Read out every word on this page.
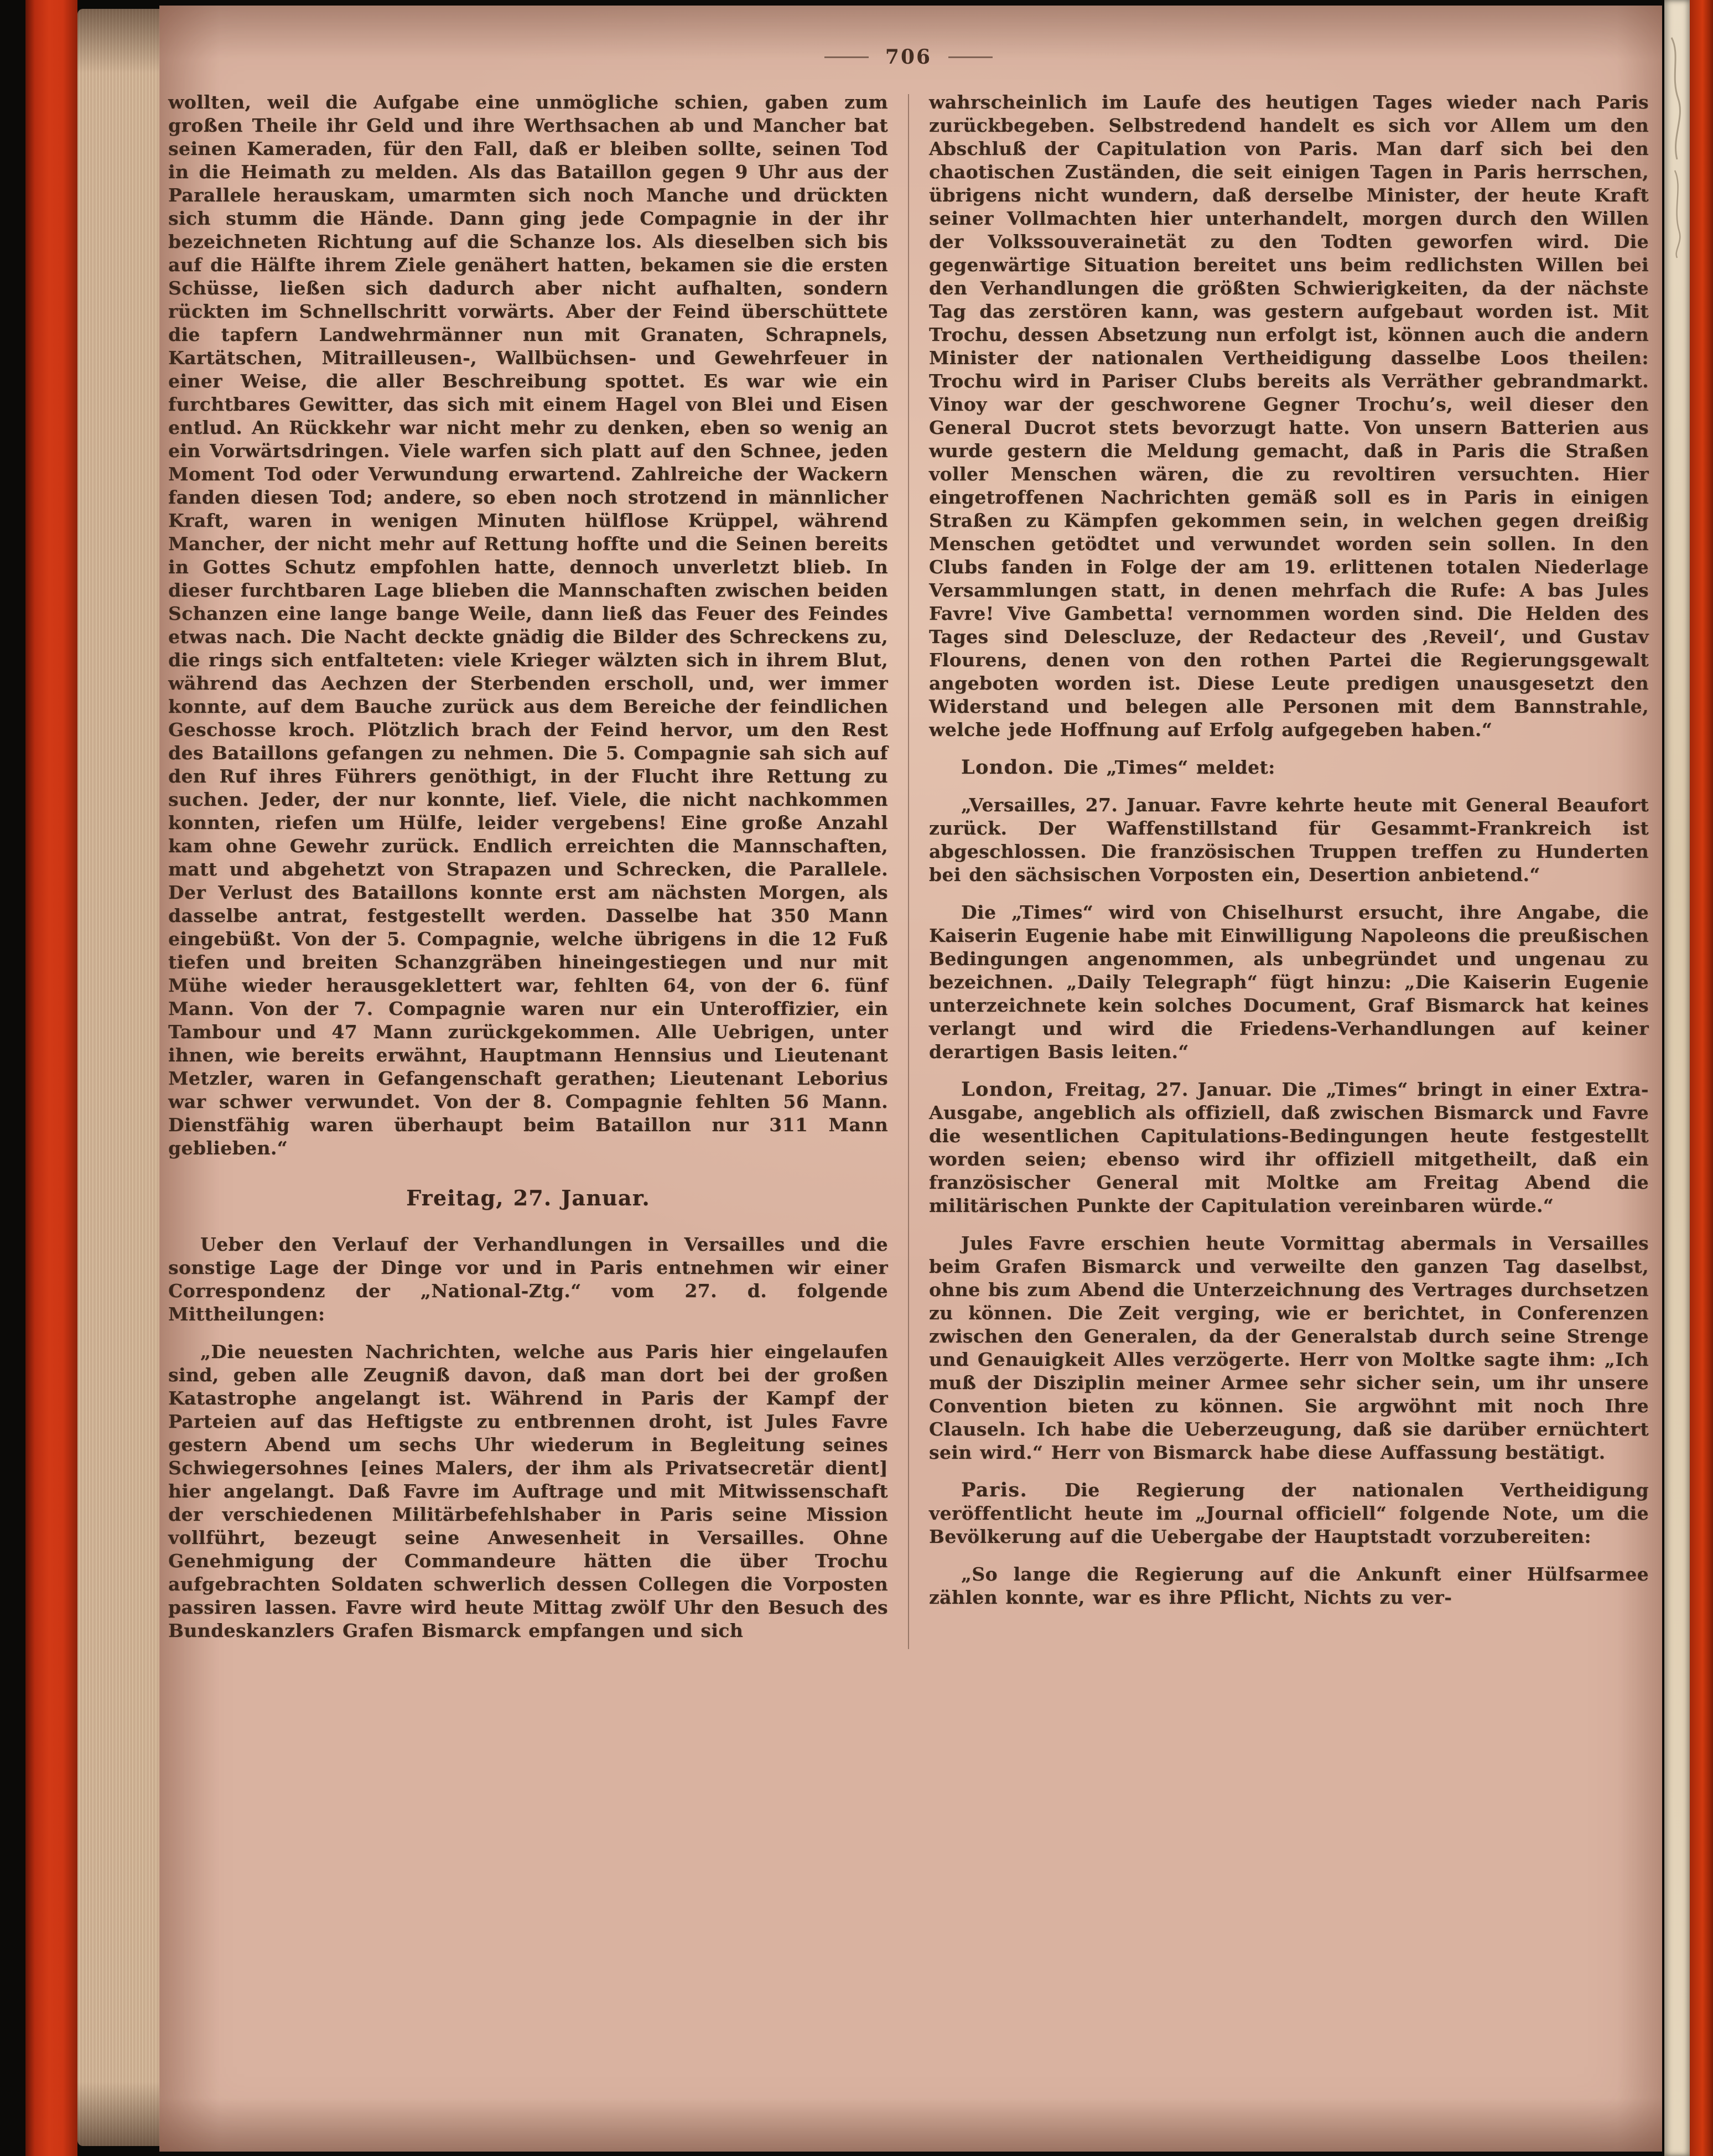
706

wollten, weil die Aufgabe eine unmögliche schien, gaben zum großen Theile ihr Geld und ihre Werthsachen ab und Mancher bat seinen Kameraden, für den Fall, daß er bleiben sollte, seinen Tod in die Heimath zu melden. Als das Bataillon gegen 9 Uhr aus der Parallele herauskam, umarmten sich noch Manche und drückten sich stumm die Hände. Dann ging jede Compagnie in der ihr bezeichneten Richtung auf die Schanze los. Als dieselben sich bis auf die Hälfte ihrem Ziele genähert hatten, bekamen sie die ersten Schüsse, ließen sich dadurch aber nicht aufhalten, sondern rückten im Schnellschritt vorwärts. Aber der Feind überschüttete die tapfern Landwehrmänner nun mit Granaten, Schrapnels, Kartätschen, Mitrailleusen-, Wallbüchsen- und Gewehrfeuer in einer Weise, die aller Beschreibung spottet. Es war wie ein furchtbares Gewitter, das sich mit einem Hagel von Blei und Eisen entlud. An Rückkehr war nicht mehr zu denken, eben so wenig an ein Vorwärtsdringen. Viele warfen sich platt auf den Schnee, jeden Moment Tod oder Verwundung erwartend. Zahlreiche der Wackern fanden diesen Tod; andere, so eben noch strotzend in männlicher Kraft, waren in wenigen Minuten hülflose Krüppel, während Mancher, der nicht mehr auf Rettung hoffte und die Seinen bereits in Gottes Schutz empfohlen hatte, dennoch unverletzt blieb. In dieser furchtbaren Lage blieben die Mannschaften zwischen beiden Schanzen eine lange bange Weile, dann ließ das Feuer des Feindes etwas nach. Die Nacht deckte gnädig die Bilder des Schreckens zu, die rings sich entfalteten: viele Krieger wälzten sich in ihrem Blut, während das Aechzen der Sterbenden erscholl, und, wer immer konnte, auf dem Bauche zurück aus dem Bereiche der feindlichen Geschosse kroch. Plötzlich brach der Feind hervor, um den Rest des Bataillons gefangen zu nehmen. Die 5. Compagnie sah sich auf den Ruf ihres Führers genöthigt, in der Flucht ihre Rettung zu suchen. Jeder, der nur konnte, lief. Viele, die nicht nachkommen konnten, riefen um Hülfe, leider vergebens! Eine große Anzahl kam ohne Gewehr zurück. Endlich erreichten die Mannschaften, matt und abgehetzt von Strapazen und Schrecken, die Parallele. Der Verlust des Bataillons konnte erst am nächsten Morgen, als dasselbe antrat, festgestellt werden. Dasselbe hat 350 Mann eingebüßt. Von der 5. Compagnie, welche übrigens in die 12 Fuß tiefen und breiten Schanzgräben hineingestiegen und nur mit Mühe wieder herausgeklettert war, fehlten 64, von der 6. fünf Mann. Von der 7. Compagnie waren nur ein Unteroffizier, ein Tambour und 47 Mann zurückgekommen. Alle Uebrigen, unter ihnen, wie bereits erwähnt, Hauptmann Hennsius und Lieutenant Metzler, waren in Gefangenschaft gerathen; Lieutenant Leborius war schwer verwundet. Von der 8. Compagnie fehlten 56 Mann. Dienstfähig waren überhaupt beim Bataillon nur 311 Mann geblieben.“

Freitag, 27. Januar.

Ueber den Verlauf der Verhandlungen in Versailles und die sonstige Lage der Dinge vor und in Paris entnehmen wir einer Correspondenz der „National-Ztg.“ vom 27. d. folgende Mittheilungen:

„Die neuesten Nachrichten, welche aus Paris hier eingelaufen sind, geben alle Zeugniß davon, daß man dort bei der großen Katastrophe angelangt ist. Während in Paris der Kampf der Parteien auf das Heftigste zu entbrennen droht, ist Jules Favre gestern Abend um sechs Uhr wiederum in Begleitung seines Schwiegersohnes [eines Malers, der ihm als Privatsecretär dient] hier angelangt. Daß Favre im Auftrage und mit Mitwissenschaft der verschiedenen Militärbefehlshaber in Paris seine Mission vollführt, bezeugt seine Anwesenheit in Versailles. Ohne Genehmigung der Commandeure hätten die über Trochu aufgebrachten Soldaten schwerlich dessen Collegen die Vorposten passiren lassen. Favre wird heute Mittag zwölf Uhr den Besuch des Bundeskanzlers Grafen Bismarck empfangen und sich

wahrscheinlich im Laufe des heutigen Tages wieder nach Paris zurückbegeben. Selbstredend handelt es sich vor Allem um den Abschluß der Capitulation von Paris. Man darf sich bei den chaotischen Zuständen, die seit einigen Tagen in Paris herrschen, übrigens nicht wundern, daß derselbe Minister, der heute Kraft seiner Vollmachten hier unterhandelt, morgen durch den Willen der Volkssouverainetät zu den Todten geworfen wird. Die gegenwärtige Situation bereitet uns beim redlichsten Willen bei den Verhandlungen die größten Schwierigkeiten, da der nächste Tag das zerstören kann, was gestern aufgebaut worden ist. Mit Trochu, dessen Absetzung nun erfolgt ist, können auch die andern Minister der nationalen Vertheidigung dasselbe Loos theilen: Trochu wird in Pariser Clubs bereits als Verräther gebrandmarkt. Vinoy war der geschworene Gegner Trochu’s, weil dieser den General Ducrot stets bevorzugt hatte. Von unsern Batterien aus wurde gestern die Meldung gemacht, daß in Paris die Straßen voller Menschen wären, die zu revoltiren versuchten. Hier eingetroffenen Nachrichten gemäß soll es in Paris in einigen Straßen zu Kämpfen gekommen sein, in welchen gegen dreißig Menschen getödtet und verwundet worden sein sollen. In den Clubs fanden in Folge der am 19. erlittenen totalen Niederlage Versammlungen statt, in denen mehrfach die Rufe: A bas Jules Favre! Vive Gambetta! vernommen worden sind. Die Helden des Tages sind Delescluze, der Redacteur des ‚Reveil‘, und Gustav Flourens, denen von den rothen Partei die Regierungsgewalt angeboten worden ist. Diese Leute predigen unausgesetzt den Widerstand und belegen alle Personen mit dem Bannstrahle, welche jede Hoffnung auf Erfolg aufgegeben haben.“

London. Die „Times“ meldet:

„Versailles, 27. Januar. Favre kehrte heute mit General Beaufort zurück. Der Waffenstillstand für Gesammt-Frankreich ist abgeschlossen. Die französischen Truppen treffen zu Hunderten bei den sächsischen Vorposten ein, Desertion anbietend.“

Die „Times“ wird von Chiselhurst ersucht, ihre Angabe, die Kaiserin Eugenie habe mit Einwilligung Napoleons die preußischen Bedingungen angenommen, als unbegründet und ungenau zu bezeichnen. „Daily Telegraph“ fügt hinzu: „Die Kaiserin Eugenie unterzeichnete kein solches Document, Graf Bismarck hat keines verlangt und wird die Friedens-Verhandlungen auf keiner derartigen Basis leiten.“

London, Freitag, 27. Januar. Die „Times“ bringt in einer Extra-Ausgabe, angeblich als offiziell, daß zwischen Bismarck und Favre die wesentlichen Capitulations-Bedingungen heute festgestellt worden seien; ebenso wird ihr offiziell mitgetheilt, daß ein französischer General mit Moltke am Freitag Abend die militärischen Punkte der Capitulation vereinbaren würde.“

Jules Favre erschien heute Vormittag abermals in Versailles beim Grafen Bismarck und verweilte den ganzen Tag daselbst, ohne bis zum Abend die Unterzeichnung des Vertrages durchsetzen zu können. Die Zeit verging, wie er berichtet, in Conferenzen zwischen den Generalen, da der Generalstab durch seine Strenge und Genauigkeit Alles verzögerte. Herr von Moltke sagte ihm: „Ich muß der Disziplin meiner Armee sehr sicher sein, um ihr unsere Convention bieten zu können. Sie argwöhnt mit noch Ihre Clauseln. Ich habe die Ueberzeugung, daß sie darüber ernüchtert sein wird.“ Herr von Bismarck habe diese Auffassung bestätigt.

Paris. Die Regierung der nationalen Vertheidigung veröffentlicht heute im „Journal officiell“ folgende Note, um die Bevölkerung auf die Uebergabe der Hauptstadt vorzubereiten:

„So lange die Regierung auf die Ankunft einer Hülfsarmee zählen konnte, war es ihre Pflicht, Nichts zu ver-
